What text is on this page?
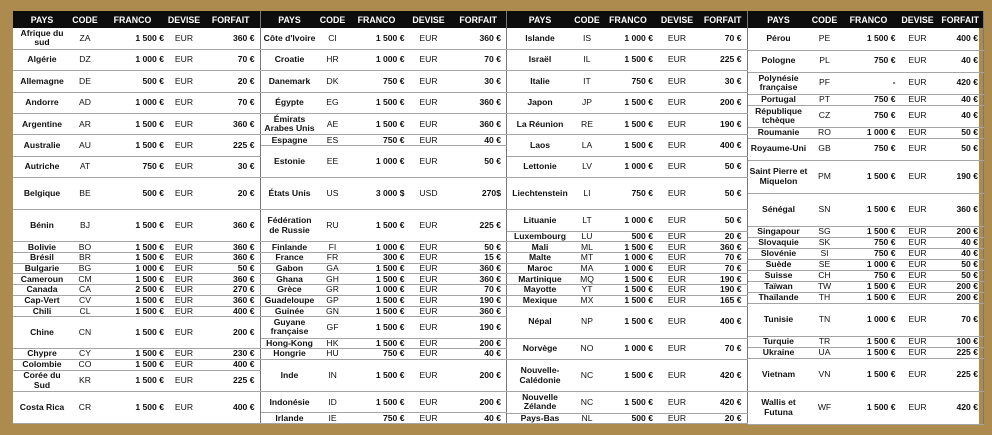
PAYS	CODE	FRANCO	DEVISE	FORFAIT
Afrique du sud	ZA	1 500 €	EUR	360 €
Algérie	DZ	1 000 €	EUR	70 €
Allemagne	DE	500 €	EUR	20 €
Andorre	AD	1 000 €	EUR	70 €
Argentine	AR	1 500 €	EUR	360 €
Australie	AU	1 500 €	EUR	225 €
Autriche	AT	750 €	EUR	30 €
Belgique	BE	500 €	EUR	20 €
Bénin	BJ	1 500 €	EUR	360 €
Bolivie	BO	1 500 €	EUR	360 €
Brésil	BR	1 500 €	EUR	360 €
Bulgarie	BG	1 000 €	EUR	50 €
Cameroun	CM	1 500 €	EUR	360 €
Canada	CA	2 500 €	EUR	270 €
Cap-Vert	CV	1 500 €	EUR	360 €
Chili	CL	1 500 €	EUR	400 €
Chine	CN	1 500 €	EUR	200 €
Chypre	CY	1 500 €	EUR	230 €
Colombie	CO	1 500 €	EUR	400 €
Corée du Sud	KR	1 500 €	EUR	225 €
Costa Rica	CR	1 500 €	EUR	400 €
PAYS	CODE	FRANCO	DEVISE	FORFAIT
Côte d'Ivoire	CI	1 500 €	EUR	360 €
Croatie	HR	1 000 €	EUR	70 €
Danemark	DK	750 €	EUR	30 €
Égypte	EG	1 500 €	EUR	360 €
Émirats Arabes Unis	AE	1 500 €	EUR	360 €
Espagne	ES	750 €	EUR	40 €
Estonie	EE	1 000 €	EUR	50 €
États Unis	US	3 000 $	USD	270$
Fédération de Russie	RU	1 500 €	EUR	225 €
Finlande	FI	1 000 €	EUR	50 €
France	FR	300 €	EUR	15 €
Gabon	GA	1 500 €	EUR	360 €
Ghana	GH	1 500 €	EUR	360 €
Grèce	GR	1 000 €	EUR	70 €
Guadeloupe	GP	1 500 €	EUR	190 €
Guinée	GN	1 500 €	EUR	360 €
Guyane française	GF	1 500 €	EUR	190 €
Hong-Kong	HK	1 500 €	EUR	200 €
Hongrie	HU	750 €	EUR	40 €
Inde	IN	1 500 €	EUR	200 €
Indonésie	ID	1 500 €	EUR	200 €
Irlande	IE	750 €	EUR	40 €
PAYS	CODE	FRANCO	DEVISE	FORFAIT
Islande	IS	1 000 €	EUR	70 €
Israël	IL	1 500 €	EUR	225 €
Italie	IT	750 €	EUR	30 €
Japon	JP	1 500 €	EUR	200 €
La Réunion	RE	1 500 €	EUR	190 €
Laos	LA	1 500 €	EUR	400 €
Lettonie	LV	1 000 €	EUR	50 €
Liechtenstein	LI	750 €	EUR	50 €
Lituanie	LT	1 000 €	EUR	50 €
Luxembourg	LU	500 €	EUR	20 €
Mali	ML	1 500 €	EUR	360 €
Malte	MT	1 000 €	EUR	70 €
Maroc	MA	1 000 €	EUR	70 €
Martinique	MQ	1 500 €	EUR	190 €
Mayotte	YT	1 500 €	EUR	190 €
Mexique	MX	1 500 €	EUR	165 €
Népal	NP	1 500 €	EUR	400 €
Norvège	NO	1 000 €	EUR	70 €
Nouvelle-Calédonie	NC	1 500 €	EUR	420 €
Nouvelle Zélande	NC	1 500 €	EUR	420 €
Pays-Bas	NL	500 €	EUR	20 €
PAYS	CODE	FRANCO	DEVISE	FORFAIT
Pérou	PE	1 500 €	EUR	400 €
Pologne	PL	750 €	EUR	40 €
Polynésie française	PF	-	EUR	420 €
Portugal	PT	750 €	EUR	40 €
République tchèque	CZ	750 €	EUR	40 €
Roumanie	RO	1 000 €	EUR	50 €
Royaume-Uni	GB	750 €	EUR	50 €
Saint Pierre et Miquelon	PM	1 500 €	EUR	190 €
Sénégal	SN	1 500 €	EUR	360 €
Singapour	SG	1 500 €	EUR	200 €
Slovaquie	SK	750 €	EUR	40 €
Slovénie	SI	750 €	EUR	40 €
Suède	SE	1 000 €	EUR	50 €
Suisse	CH	750 €	EUR	50 €
Taïwan	TW	1 500 €	EUR	200 €
Thaïlande	TH	1 500 €	EUR	200 €
Tunisie	TN	1 000 €	EUR	70 €
Turquie	TR	1 500 €	EUR	100 €
Ukraine	UA	1 500 €	EUR	225 €
Vietnam	VN	1 500 €	EUR	225 €
Wallis et Futuna	WF	1 500 €	EUR	420 €
